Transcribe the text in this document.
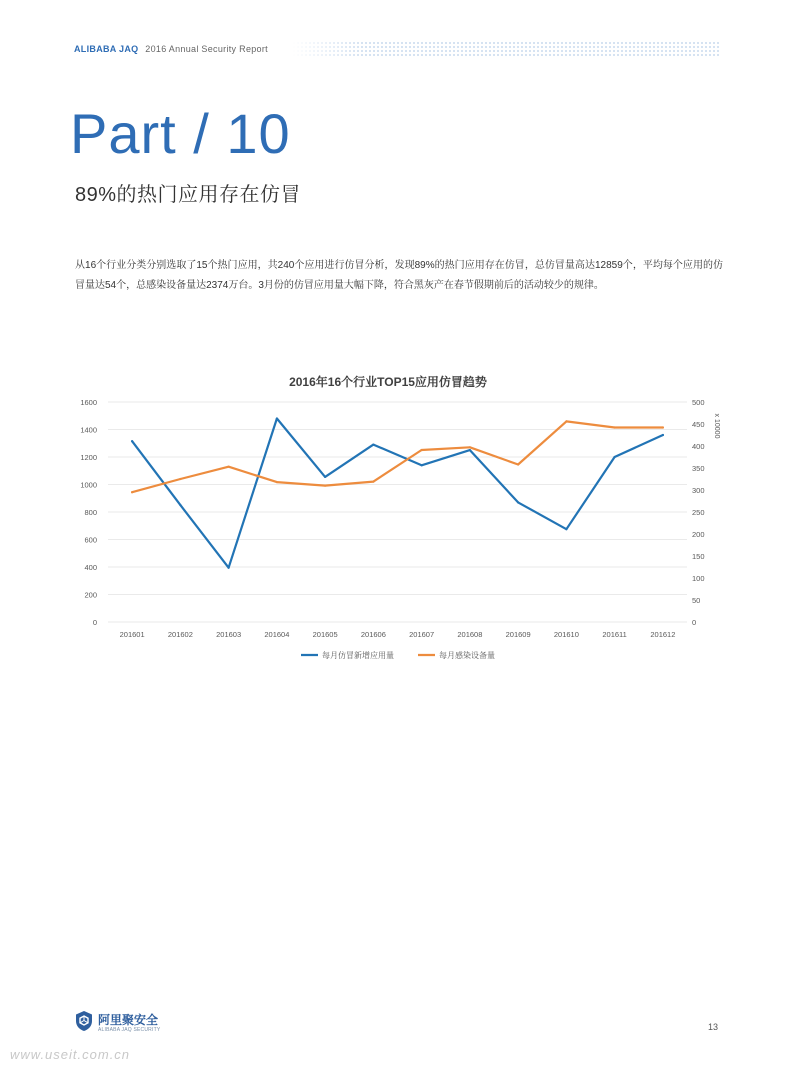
ALIBABA JAQ 2016 Annual Security Report
Part / 10
89%的热门应用存在仿冒
从16个行业分类分别选取了15个热门应用，共240个应用进行仿冒分析，发现89%的热门应用存在仿冒，总仿冒量高达12859个，平均每个应用的仿冒量达54个，总感染设备量达2374万台。3月份的仿冒应用量大幅下降，符合黑灰产在春节假期前后的活动较少的规律。
2016年16个行业TOP15应用仿冒趋势
0
200
400
600
800
1000
1200
1400
1600
0
50
100
150
200
250
300
350
400
450
500
x 10000
201601	201602	201603	201604	201605	201606	201607	201608	201609	201610	201611	201612
每月仿冒新增应用量	每月感染设备量
阿里聚安全
ALIBABA JAQ SECURITY	13
www.useit.com.cn
